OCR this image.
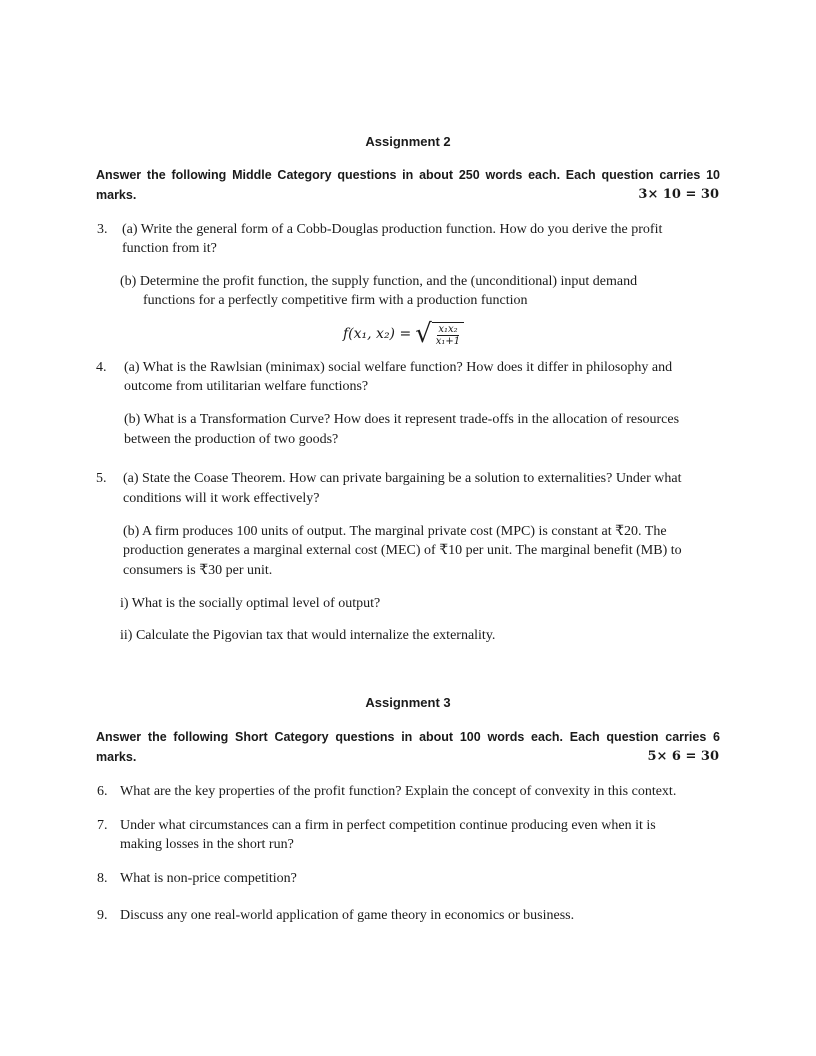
Assignment 2
Answer the following Middle Category questions in about 250 words each. Each question carries 10
marks.	3× 10 = 30
3. (a) Write the general form of a Cobb-Douglas production function. How do you derive the profit
function from it?
(b) Determine the profit function, the supply function, and the (unconditional) input demand
functions for a perfectly competitive firm with a production function
f(x₁, x₂) = √ $\frac{\text{x₁x₂}}{\text{x₁+1}}$
4. (a) What is the Rawlsian (minimax) social welfare function? How does it differ in philosophy and
outcome from utilitarian welfare functions?
(b) What is a Transformation Curve? How does it represent trade-offs in the allocation of resources
between the production of two goods?
5. (a) State the Coase Theorem. How can private bargaining be a solution to externalities? Under what
conditions will it work effectively?
(b) A firm produces 100 units of output. The marginal private cost (MPC) is constant at ₹20. The
production generates a marginal external cost (MEC) of ₹10 per unit. The marginal benefit (MB) to
consumers is ₹30 per unit.
i) What is the socially optimal level of output?
ii) Calculate the Pigovian tax that would internalize the externality.
Assignment 3
Answer the following Short Category questions in about 100 words each. Each question carries 6
marks.	5× 6 = 30
6. What are the key properties of the profit function? Explain the concept of convexity in this context.
7. Under what circumstances can a firm in perfect competition continue producing even when it is
making losses in the short run?
8. What is non-price competition?
9. Discuss any one real-world application of game theory in economics or business.
